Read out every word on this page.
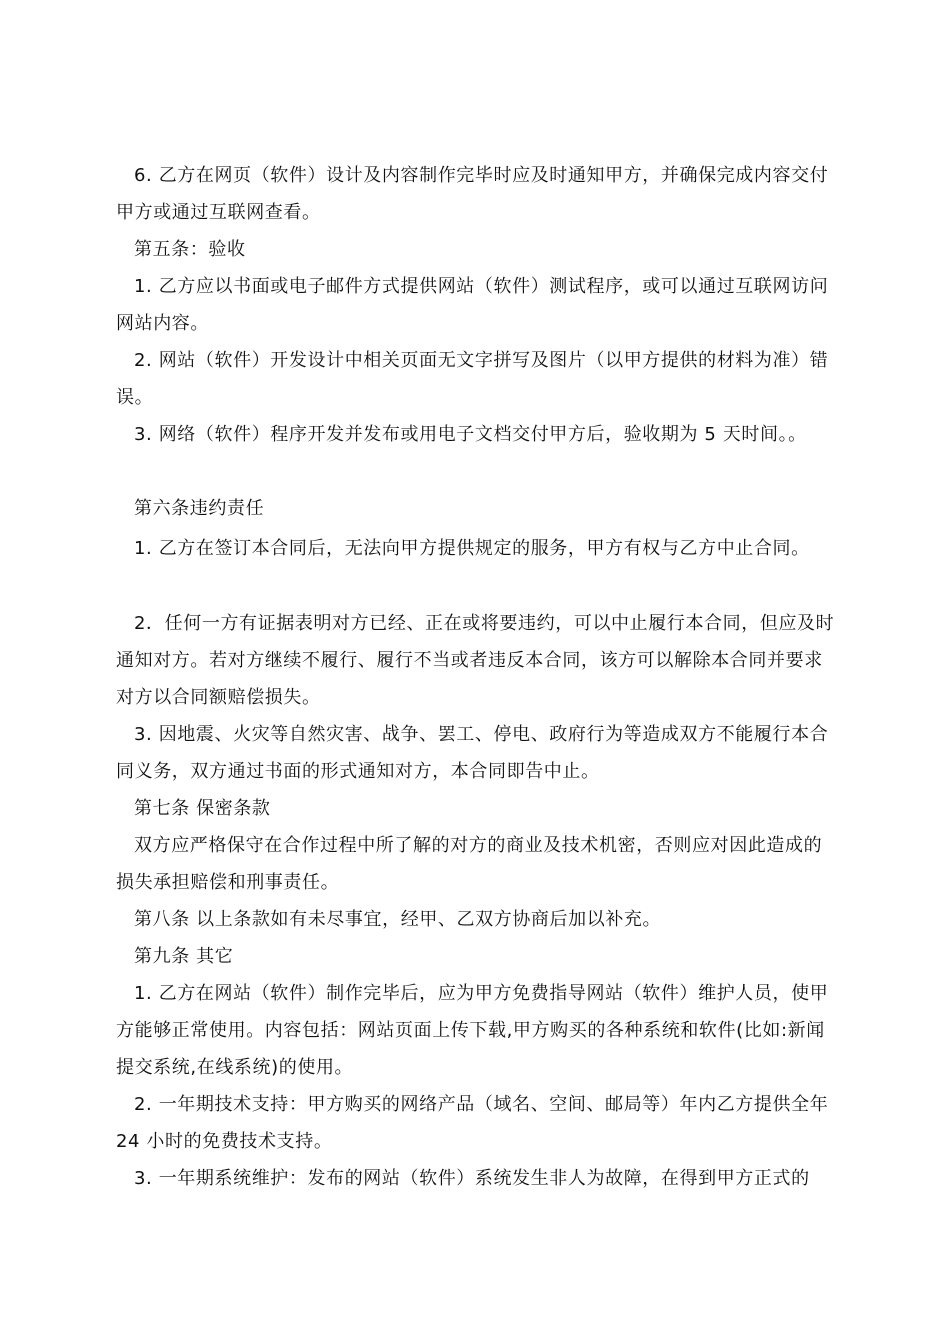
6. 乙方在网页（软件）设计及内容制作完毕时应及时通知甲方，并确保完成内容交付甲方或通过互联网查看。

第五条：验收

1. 乙方应以书面或电子邮件方式提供网站（软件）测试程序，或可以通过互联网访问网站内容。

2. 网站（软件）开发设计中相关页面无文字拼写及图片（以甲方提供的材料为准）错误。

3. 网络（软件）程序开发并发布或用电子文档交付甲方后，验收期为 5 天时间。。

第六条违约责任

1. 乙方在签订本合同后，无法向甲方提供规定的服务，甲方有权与乙方中止合同。

2．任何一方有证据表明对方已经、正在或将要违约，可以中止履行本合同，但应及时通知对方。若对方继续不履行、履行不当或者违反本合同，该方可以解除本合同并要求对方以合同额赔偿损失。

3. 因地震、火灾等自然灾害、战争、罢工、停电、政府行为等造成双方不能履行本合同义务，双方通过书面的形式通知对方，本合同即告中止。

第七条 保密条款

双方应严格保守在合作过程中所了解的对方的商业及技术机密，否则应对因此造成的损失承担赔偿和刑事责任。

第八条 以上条款如有未尽事宜，经甲、乙双方协商后加以补充。

第九条 其它

1. 乙方在网站（软件）制作完毕后，应为甲方免费指导网站（软件）维护人员，使甲方能够正常使用。内容包括：网站页面上传下载,甲方购买的各种系统和软件(比如:新闻提交系统,在线系统)的使用。

2. 一年期技术支持：甲方购买的网络产品（域名、空间、邮局等）年内乙方提供全年 24 小时的免费技术支持。

3. 一年期系统维护：发布的网站（软件）系统发生非人为故障，在得到甲方正式的
